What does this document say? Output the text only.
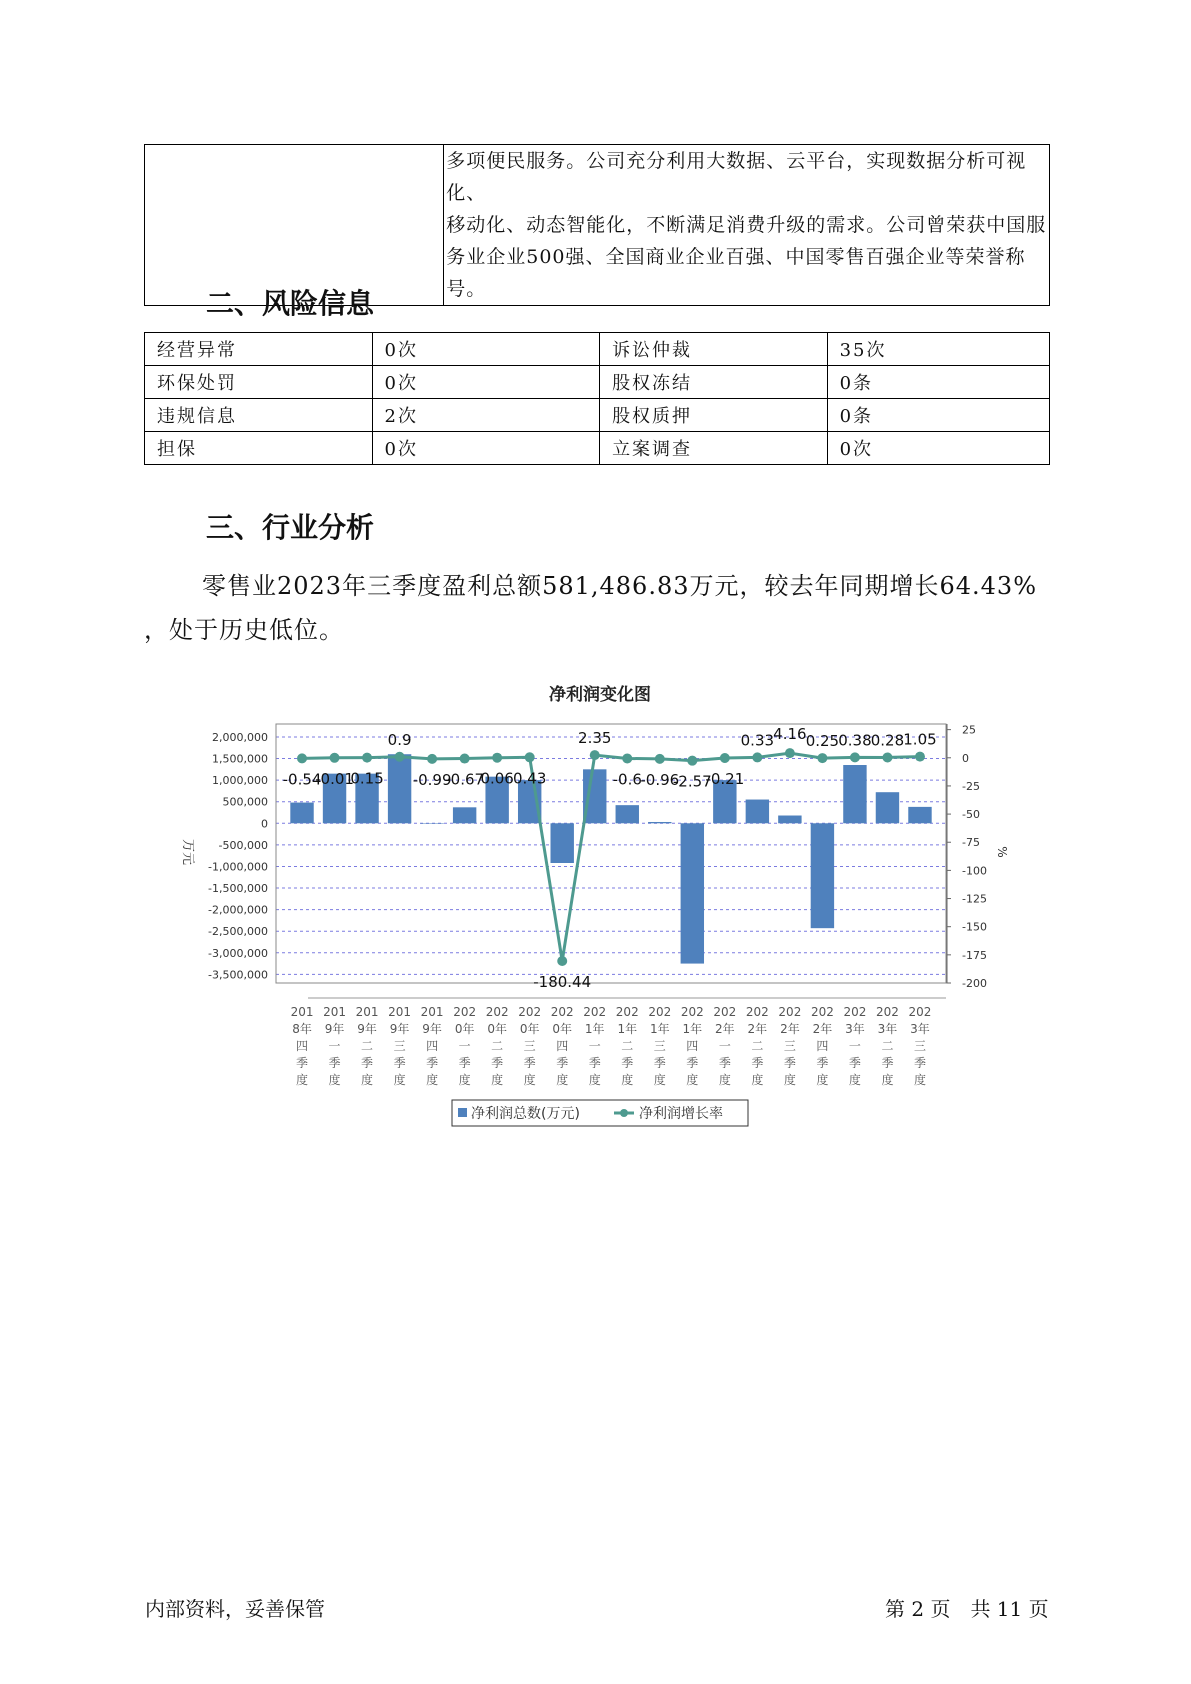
多项便民服务。公司充分利用大数据、云平台，实现数据分析可视化、
移动化、动态智能化，不断满足消费升级的需求。公司曾荣获中国服
务业企业500强、全国商业企业百强、中国零售百强企业等荣誉称号。
二、风险信息
经营异常	0次	诉讼仲裁	35次
环保处罚	0次	股权冻结	0条
违规信息	2次	股权质押	0条
担保	0次	立案调查	0次
三、行业分析
零售业2023年三季度盈利总额581,486.83万元，较去年同期增长64.43%
，处于历史低位。
净利润变化图
2,000,000
1,500,000
1,000,000
500,000
0
-500,000
-1,000,000
-1,500,000
-2,000,000
-2,500,000
-3,000,000
-3,500,000
25
0
-25
-50
-75
-100
-125
-150
-175
-200
万元	%
-0.54
-0.01
0.15
0.9
-0.99
-0.67
0.06 0.43
-180.44
2.35
-0.6
-0.96
-2.57
-0.21
0.33 4.16 0.25 0.38 0.28 1.05
201
8年
四
季
度
201
9年
一
季
度
201
9年
二
季
度
201
9年
三
季
度
201
9年
四
季
度
202
0年
一
季
度
202
0年
二
季
度
202
0年
三
季
度
202
0年
四
季
度
202
1年
一
季
度
202
1年
二
季
度
202
1年
三
季
度
202
1年
四
季
度
202
2年
一
季
度
202
2年
二
季
度
202
2年
三
季
度
202
2年
四
季
度
202
3年
一
季
度
202
3年
二
季
度
202
3年
三
季
度
净利润总数(万元)	净利润增长率
内部资料，妥善保管	第 2 页　共 11 页
